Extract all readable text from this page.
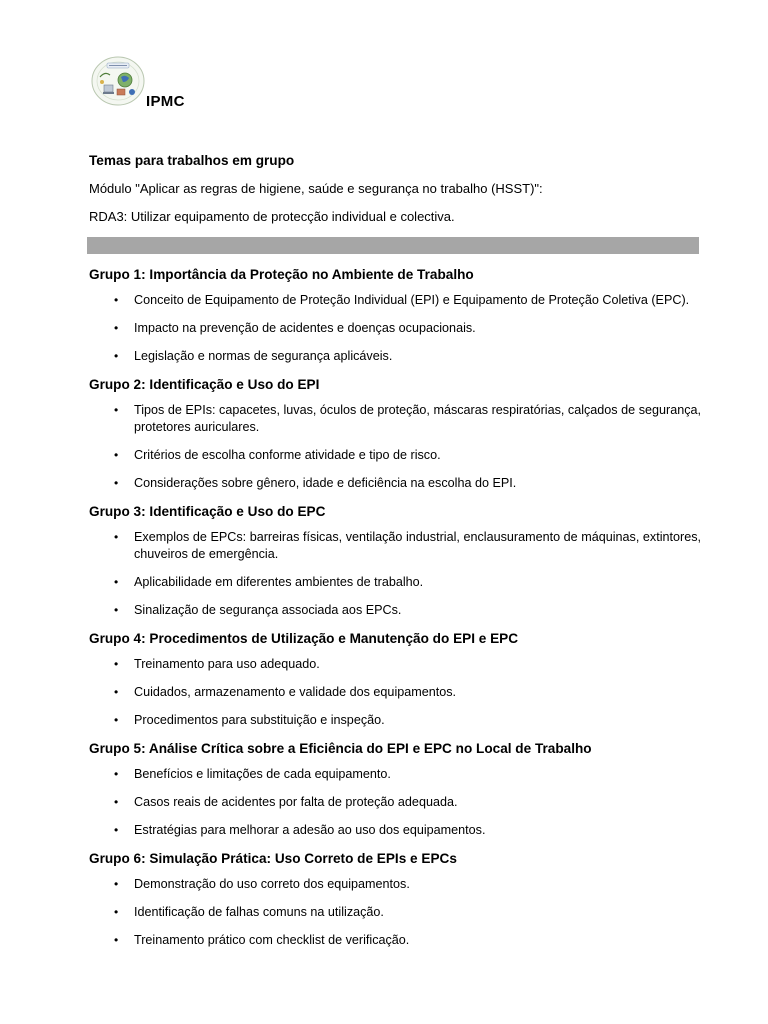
IPMC
Temas para trabalhos em grupo
Módulo "Aplicar as regras de higiene, saúde e segurança no trabalho (HSST)":
RDA3: Utilizar equipamento de protecção individual e colectiva.
Grupo 1: Importância da Proteção no Ambiente de Trabalho
• Conceito de Equipamento de Proteção Individual (EPI) e Equipamento de Proteção Coletiva (EPC).
• Impacto na prevenção de acidentes e doenças ocupacionais.
• Legislação e normas de segurança aplicáveis.
Grupo 2: Identificação e Uso do EPI
• Tipos de EPIs: capacetes, luvas, óculos de proteção, máscaras respiratórias, calçados de segurança, protetores auriculares.
• Critérios de escolha conforme atividade e tipo de risco.
• Considerações sobre gênero, idade e deficiência na escolha do EPI.
Grupo 3: Identificação e Uso do EPC
• Exemplos de EPCs: barreiras físicas, ventilação industrial, enclausuramento de máquinas, extintores, chuveiros de emergência.
• Aplicabilidade em diferentes ambientes de trabalho.
• Sinalização de segurança associada aos EPCs.
Grupo 4: Procedimentos de Utilização e Manutenção do EPI e EPC
• Treinamento para uso adequado.
• Cuidados, armazenamento e validade dos equipamentos.
• Procedimentos para substituição e inspeção.
Grupo 5: Análise Crítica sobre a Eficiência do EPI e EPC no Local de Trabalho
• Benefícios e limitações de cada equipamento.
• Casos reais de acidentes por falta de proteção adequada.
• Estratégias para melhorar a adesão ao uso dos equipamentos.
Grupo 6: Simulação Prática: Uso Correto de EPIs e EPCs
• Demonstração do uso correto dos equipamentos.
• Identificação de falhas comuns na utilização.
• Treinamento prático com checklist de verificação.
